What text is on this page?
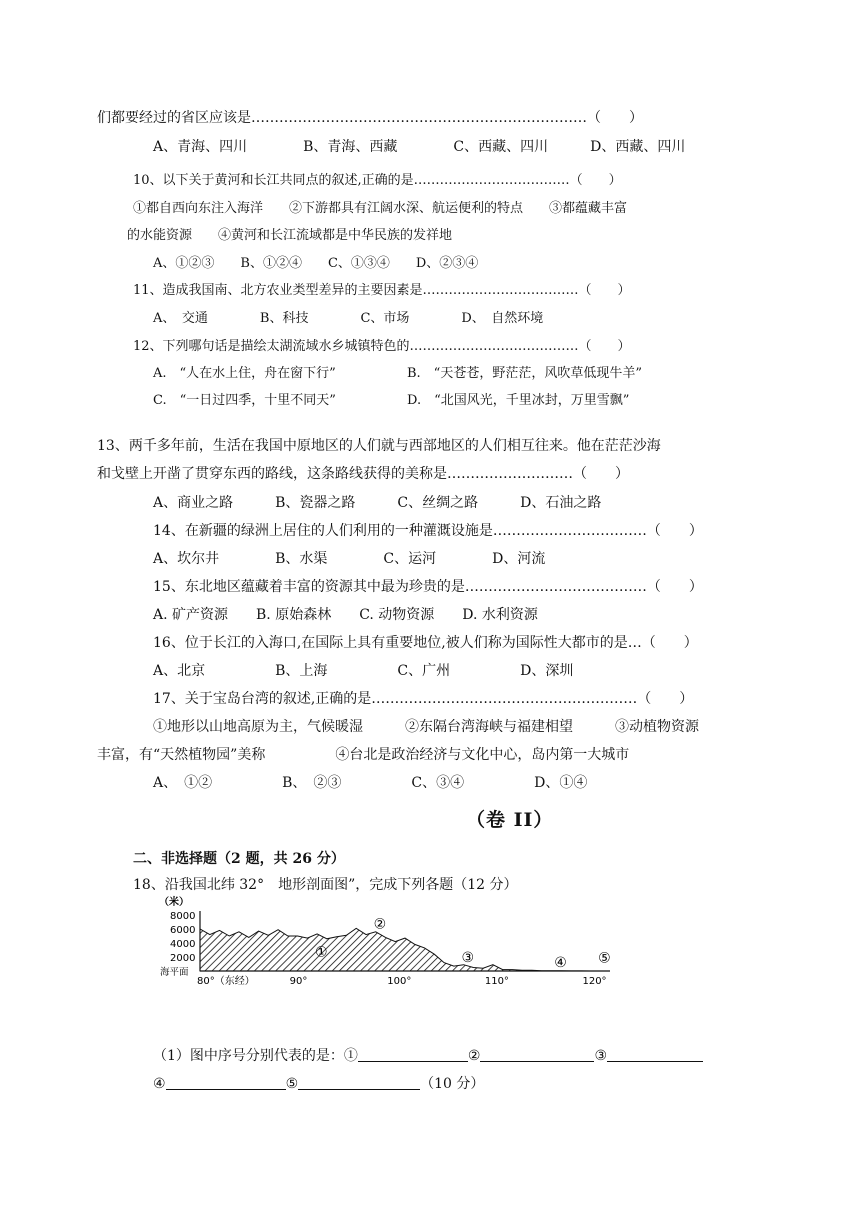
们都要经过的省区应该是………………………………………………………………（　　）
A、青海、四川　　　　B、青海、西藏　　　　C、西藏、四川　　　D、西藏、四川
10、以下关于黄河和长江共同点的叙述,正确的是………………………………（　　）
①都自西向东注入海洋　　②下游都具有江阔水深、航运便利的特点　　③都蕴藏丰富
的水能资源　　④黄河和长江流域都是中华民族的发祥地
A、①②③　　B、①②④　　C、①③④　　D、②③④
11、造成我国南、北方农业类型差异的主要因素是………………………………（　　）
A、　交通　　　　B、科技　　　　C、市场　　　　D、　自然环境
12、下列哪句话是描绘太湖流域水乡城镇特色的…………………………………（　　）
A.　“人在水上住，舟在窗下行”	B.　“天苍苍，野茫茫，风吹草低现牛羊”
C.　“一日过四季，十里不同天”	D.　“北国风光，千里冰封，万里雪飘”
13、两千多年前，生活在我国中原地区的人们就与西部地区的人们相互往来。他在茫茫沙海
和戈壁上开凿了贯穿东西的路线，这条路线获得的美称是………………………（　　）
A、商业之路　　　B、瓷器之路　　　C、丝绸之路　　　D、石油之路
14、在新疆的绿洲上居住的人们利用的一种灌溉设施是……………………………（　　）
A、坎尔井　　　　B、水渠　　　　C、运河　　　　D、河流
15、东北地区蕴藏着丰富的资源其中最为珍贵的是…………………………………（　　）
A. 矿产资源　　B. 原始森林　　C. 动物资源　　D. 水利资源
16、位于长江的入海口,在国际上具有重要地位,被人们称为国际性大都市的是…（　　）
A、北京　　　　　B、上海　　　　　C、广州　　　　　D、深圳
17、关于宝岛台湾的叙述,正确的是…………………………………………………（　　）
①地形以山地高原为主，气候暖湿　　　②东隔台湾海峡与福建相望　　　③动植物资源
丰富，有“天然植物园”美称　　　　　④台北是政治经济与文化中心，岛内第一大城市
A、　①②　　　　　B、　②③　　　　　C、③④　　　　　D、①④
（卷 II）
二、非选择题（2 题，共 26 分）
18、沿我国北纬 32°　地形剖面图”，完成下列各题（12 分）
（米）
8000
6000
4000
2000
海平面
80°（东经）	90°	100°	110°	120°
①
②
③	④ ⑤
（1）图中序号分别代表的是：①	②	③
④	⑤	（10 分）
